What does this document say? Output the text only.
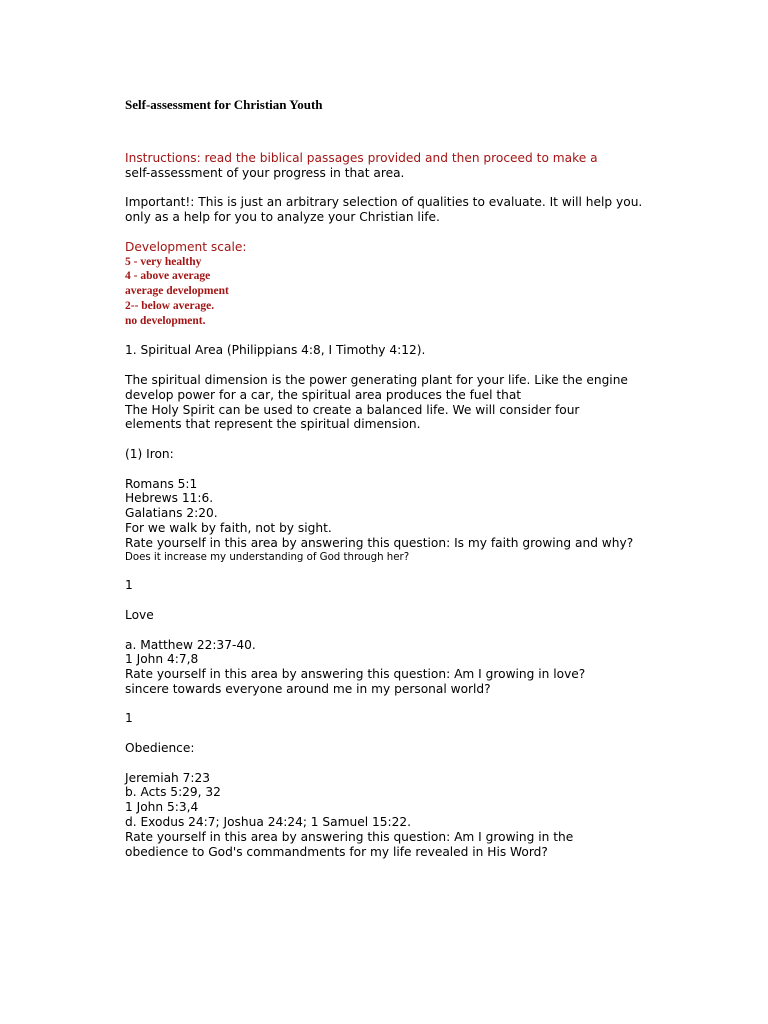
Self-assessment for Christian Youth
Instructions: read the biblical passages provided and then proceed to make a
self-assessment of your progress in that area.
Important!: This is just an arbitrary selection of qualities to evaluate. It will help you.
only as a help for you to analyze your Christian life.
Development scale:
5 - very healthy
4 - above average
average development
2-- below average.
no development.
1. Spiritual Area (Philippians 4:8, I Timothy 4:12).
The spiritual dimension is the power generating plant for your life. Like the engine
develop power for a car, the spiritual area produces the fuel that
The Holy Spirit can be used to create a balanced life. We will consider four
elements that represent the spiritual dimension.
(1) Iron:
Romans 5:1
Hebrews 11:6.
Galatians 2:20.
For we walk by faith, not by sight.
Rate yourself in this area by answering this question: Is my faith growing and why?
Does it increase my understanding of God through her?
1
Love
a. Matthew 22:37-40.
1 John 4:7,8
Rate yourself in this area by answering this question: Am I growing in love?
sincere towards everyone around me in my personal world?
1
Obedience:
Jeremiah 7:23
b. Acts 5:29, 32
1 John 5:3,4
d. Exodus 24:7; Joshua 24:24; 1 Samuel 15:22.
Rate yourself in this area by answering this question: Am I growing in the
obedience to God's commandments for my life revealed in His Word?
